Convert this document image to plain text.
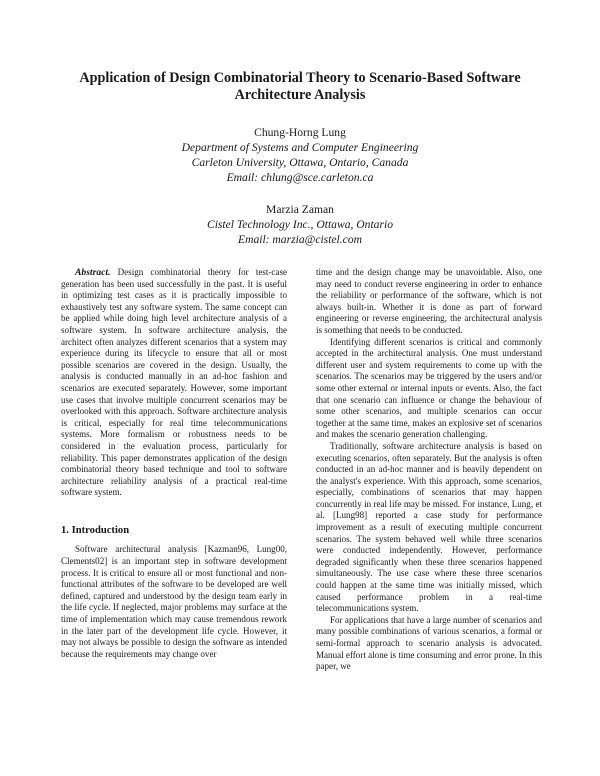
Application of Design Combinatorial Theory to Scenario-Based Software Architecture Analysis
Chung-Horng Lung
Department of Systems and Computer Engineering
Carleton University, Ottawa, Ontario, Canada
Email: chlung@sce.carleton.ca
Marzia Zaman
Cistel Technology Inc., Ottawa, Ontario
Email: marzia@cistel.com

Abstract. Design combinatorial theory for test-case generation has been used successfully in the past. It is useful in optimizing test cases as it is practically impossible to exhaustively test any software system. The same concept can be applied while doing high level architecture analysis of a software system. In software architecture analysis, the architect often analyzes different scenarios that a system may experience during its lifecycle to ensure that all or most possible scenarios are covered in the design. Usually, the analysis is conducted manually in an ad-hoc fashion and scenarios are executed separately. However, some important use cases that involve multiple concurrent scenarios may be overlooked with this approach. Software architecture analysis is critical, especially for real time telecommunications systems. More formalism or robustness needs to be considered in the evaluation process, particularly for reliability. This paper demonstrates application of the design combinatorial theory based technique and tool to software architecture reliability analysis of a practical real-time software system.

1. Introduction

Software architectural analysis [Kazman96, Lung00, Clements02] is an important step in software development process. It is critical to ensure all or most functional and non-functional attributes of the software to be developed are well defined, captured and understood by the design team early in the life cycle. If neglected, major problems may surface at the time of implementation which may cause tremendous rework in the later part of the development life cycle. However, it may not always be possible to design the software as intended because the requirements may change over

time and the design change may be unavoidable. Also, one may need to conduct reverse engineering in order to enhance the reliability or performance of the software, which is not always built-in. Whether it is done as part of forward engineering or reverse engineering, the architectural analysis is something that needs to be conducted.

Identifying different scenarios is critical and commonly accepted in the architectural analysis. One must understand different user and system requirements to come up with the scenarios. The scenarios may be triggered by the users and/or some other external or internal inputs or events. Also, the fact that one scenario can influence or change the behaviour of some other scenarios, and multiple scenarios can occur together at the same time, makes an explosive set of scenarios and makes the scenario generation challenging.

Traditionally, software architecture analysis is based on executing scenarios, often separately. But the analysis is often conducted in an ad-hoc manner and is heavily dependent on the analyst's experience. With this approach, some scenarios, especially, combinations of scenarios that may happen concurrently in real life may be missed. For instance, Lung, et al. [Lung98] reported a case study for performance improvement as a result of executing multiple concurrent scenarios. The system behaved well while three scenarios were conducted independently. However, performance degraded significantly when these three scenarios happened simultaneously. The use case where these three scenarios could happen at the same time was initially missed, which caused performance problem in a real-time telecommunications system.

For applications that have a large number of scenarios and many possible combinations of various scenarios, a formal or semi-formal approach to scenario analysis is advocated. Manual effort alone is time consuming and error prone. In this paper, we
